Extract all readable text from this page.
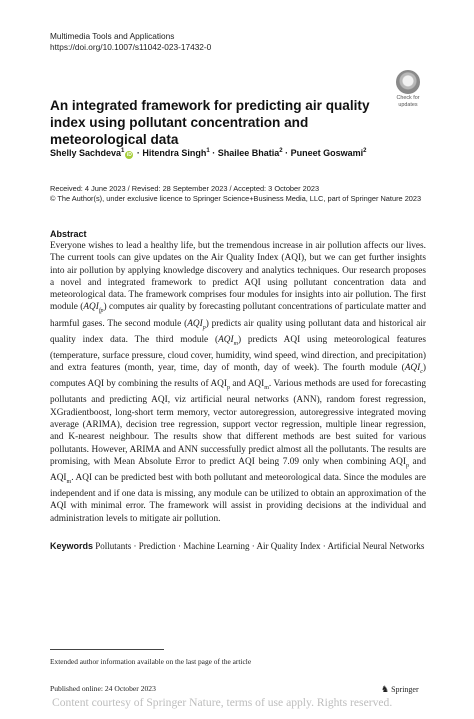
Multimedia Tools and Applications
https://doi.org/10.1007/s11042-023-17432-0
Check for
updates
An integrated framework for predicting air quality index using pollutant concentration and meteorological data
Shelly Sachdeva$^1$iD · Hitendra Singh$^1$ · Shailee Bhatia$^2$ · Puneet Goswami$^2$
Received: 4 June 2023 / Revised: 28 September 2023 / Accepted: 3 October 2023
© The Author(s), under exclusive licence to Springer Science+Business Media, LLC, part of Springer Nature 2023
Abstract

Everyone wishes to lead a healthy life, but the tremendous increase in air pollution affects our lives. The current tools can give updates on the Air Quality Index (AQI), but we can get further insights into air pollution by applying knowledge discovery and analytics techniques. Our research proposes a novel and integrated framework to predict AQI using pollutant concentration data and meteorological data. The framework comprises four modules for insights into air pollution. The first module $(AQI_{fp})$ computes air quality by forecasting pollutant concentrations of particulate matter and harmful gases. The second module $(AQI_p)$ predicts air quality using pollutant data and historical air quality index data. The third module $(AQI_m)$ predicts AQI using meteorological features (temperature, surface pressure, cloud cover, humidity, wind speed, wind direction, and precipitation) and extra features (month, year, time, day of month, day of week). The fourth module $(AQI_c)$ computes AQI by combining the results of $AQI_p$ and $AQI_m$. Various methods are used for forecasting pollutants and predicting AQI, viz artificial neural networks (ANN), random forest regression, XGradientboost, long-short term memory, vector autoregression, autoregressive integrated moving average (ARIMA), decision tree regression, support vector regression, multiple linear regression, and K-nearest neighbour. The results show that different methods are best suited for various pollutants. However, ARIMA and ANN successfully predict almost all the pollutants. The results are promising, with Mean Absolute Error to predict AQI being 7.09 only when combining $AQI_p$ and $AQI_m$. AQI can be predicted best with both pollutant and meteorological data. Since the modules are independent and if one data is missing, any module can be utilized to obtain an approximation of the AQI with minimal error. The framework will assist in providing decisions at the individual and administration levels to mitigate air pollution.

Keywords Pollutants · Prediction · Machine Learning · Air Quality Index · Artificial Neural Networks
Extended author information available on the last page of the article
Published online: 24 October 2023	♞ Springer
Content courtesy of Springer Nature, terms of use apply. Rights reserved.
